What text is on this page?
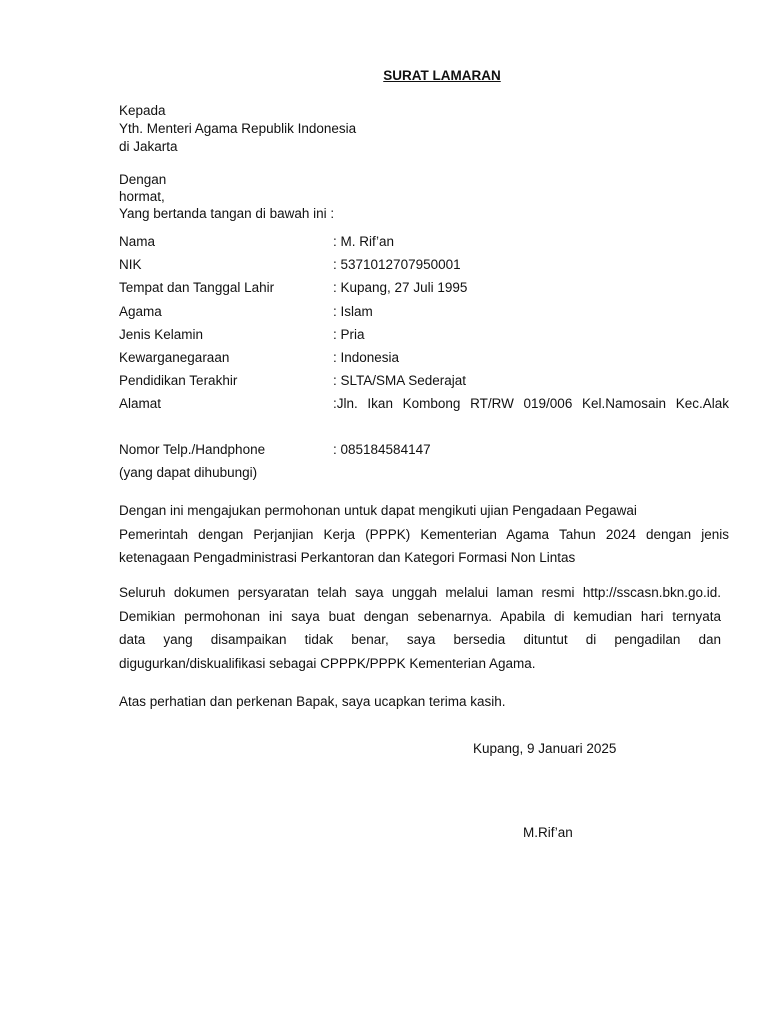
SURAT LAMARAN
Kepada
Yth. Menteri Agama Republik Indonesia
di Jakarta
Dengan
hormat,
Yang bertanda tangan di bawah ini :
Nama	: M. Rif’an
NIK	: 5371012707950001
Tempat dan Tanggal Lahir	: Kupang, 27 Juli 1995
Agama	: Islam
Jenis Kelamin	: Pria
Kewarganegaraan	: Indonesia
Pendidikan Terakhir	: SLTA/SMA Sederajat
Alamat	:Jln. Ikan Kombong RT/RW 019/006 Kel.Namosain Kec.Alak
Nomor Telp./Handphone	: 085184584147
(yang dapat dihubungi)
Dengan ini mengajukan permohonan untuk dapat mengikuti ujian Pengadaan Pegawai
Pemerintah dengan Perjanjian Kerja (PPPK) Kementerian Agama Tahun 2024 dengan jenis
ketenagaan Pengadministrasi Perkantoran dan Kategori Formasi Non Lintas
Seluruh dokumen persyaratan telah saya unggah melalui laman resmi http://sscasn.bkn.go.id.
Demikian permohonan ini saya buat dengan sebenarnya. Apabila di kemudian hari ternyata
data yang disampaikan tidak benar, saya bersedia dituntut di pengadilan dan
digugurkan/diskualifikasi sebagai CPPPK/PPPK Kementerian Agama.
Atas perhatian dan perkenan Bapak, saya ucapkan terima kasih.
Kupang, 9 Januari 2025
M.Rif’an
